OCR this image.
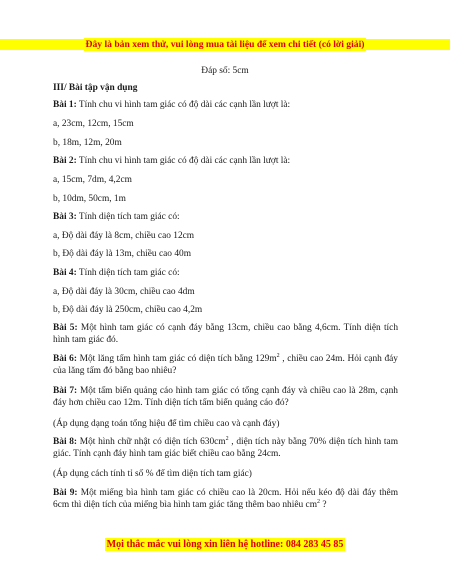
Đây là bản xem thử, vui lòng mua tài liệu để xem chi tiết (có lời giải)
Đáp số: 5cm
III/ Bài tập vận dụng
Bài 1: Tính chu vi hình tam giác có độ dài các cạnh lần lượt là:
a, 23cm, 12cm, 15cm
b, 18m, 12m, 20m
Bài 2: Tính chu vi hình tam giác có độ dài các cạnh lần lượt là:
a, 15cm, 7dm, 4,2cm
b, 10dm, 50cm, 1m
Bài 3: Tính diện tích tam giác có:
a, Độ dài đáy là 8cm, chiều cao 12cm
b, Độ dài đáy là 13m, chiều cao 40m
Bài 4: Tính diện tích tam giác có:
a, Độ dài đáy là 30cm, chiều cao 4dm
b, Độ dài đáy là 250cm, chiều cao 4,2m
Bài 5: Một hình tam giác có cạnh đáy bằng 13cm, chiều cao bằng 4,6cm. Tính diện tích hình tam giác đó.
Bài 6: Một lăng tấm hình tam giác có diện tích bằng $129m^2$ , chiều cao 24m. Hỏi cạnh đáy của lăng tấm đó bằng bao nhiêu?
Bài 7: Một tấm biển quảng cáo hình tam giác có tổng cạnh đáy và chiều cao là 28m, cạnh đáy hơn chiều cao 12m. Tính diện tích tấm biển quảng cáo đó?
(Áp dụng dạng toán tổng hiệu để tìm chiều cao và cạnh đáy)
Bài 8: Một hình chữ nhật có diện tích $630cm^2$ , diện tích này bằng 70% diện tích hình tam giác. Tính cạnh đáy hình tam giác biết chiều cao bằng 24cm.
(Áp dụng cách tính tỉ số % để tìm diện tích tam giác)
Bài 9: Một miếng bìa hình tam giác có chiều cao là 20cm. Hỏi nếu kéo độ dài đáy thêm 6cm thì diện tích của miếng bìa hình tam giác tăng thêm bao nhiêu $cm^2$ ?
Mọi thắc mắc vui lòng xin liên hệ hotline: 084 283 45 85
